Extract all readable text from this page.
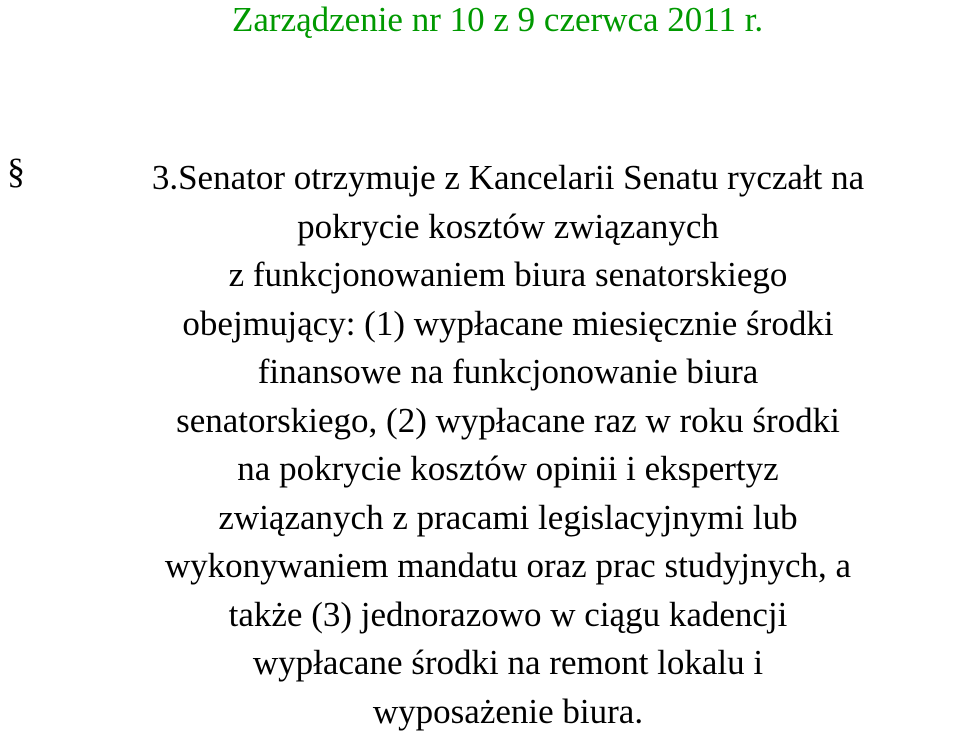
Zarządzenie nr 10 z 9 czerwca 2011 r.
§	3.Senator otrzymuje z Kancelarii Senatu ryczałt na
pokrycie kosztów związanych
z funkcjonowaniem biura senatorskiego
obejmujący: (1) wypłacane miesięcznie środki
finansowe na funkcjonowanie biura
senatorskiego, (2) wypłacane raz w roku środki
na pokrycie kosztów opinii i ekspertyz
związanych z pracami legislacyjnymi lub
wykonywaniem mandatu oraz prac studyjnych, a
także (3) jednorazowo w ciągu kadencji
wypłacane środki na remont lokalu i
wyposażenie biura.
